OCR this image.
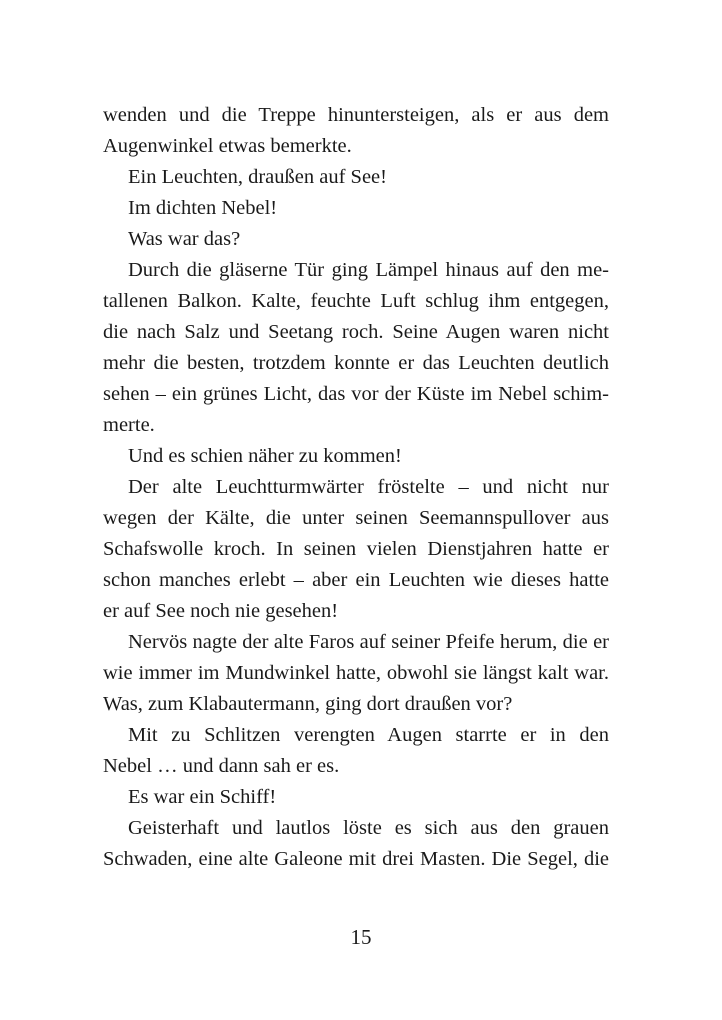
wenden und die Treppe hinuntersteigen, als er aus dem
Augenwinkel etwas bemerkte.
Ein Leuchten, draußen auf See!
Im dichten Nebel!
Was war das?
Durch die gläserne Tür ging Lämpel hinaus auf den me-
tallenen Balkon. Kalte, feuchte Luft schlug ihm entgegen,
die nach Salz und Seetang roch. Seine Augen waren nicht
mehr die besten, trotzdem konnte er das Leuchten deutlich
sehen – ein grünes Licht, das vor der Küste im Nebel schim-
merte.
Und es schien näher zu kommen!
Der alte Leuchtturmwärter fröstelte – und nicht nur
wegen der Kälte, die unter seinen Seemannspullover aus
Schafswolle kroch. In seinen vielen Dienstjahren hatte er
schon manches erlebt – aber ein Leuchten wie dieses hatte
er auf See noch nie gesehen!
Nervös nagte der alte Faros auf seiner Pfeife herum, die er
wie immer im Mundwinkel hatte, obwohl sie längst kalt war.
Was, zum Klabautermann, ging dort draußen vor?
Mit zu Schlitzen verengten Augen starrte er in den
Nebel … und dann sah er es.
Es war ein Schiff!
Geisterhaft und lautlos löste es sich aus den grauen
Schwaden, eine alte Galeone mit drei Masten. Die Segel, die
15
